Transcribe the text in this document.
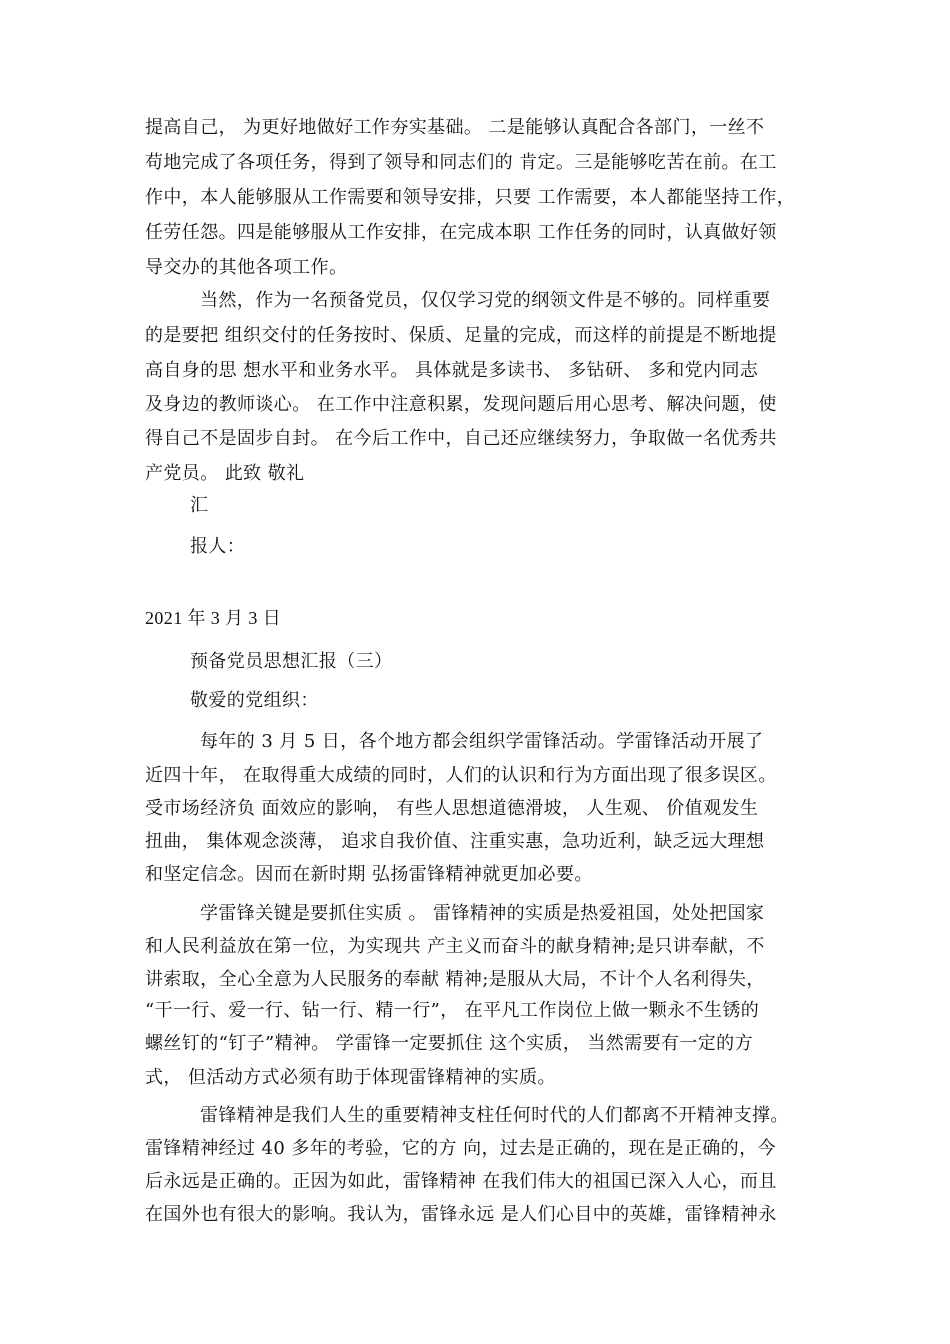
提高自己， 为更好地做好工作夯实基础。 二是能够认真配合各部门，一丝不
苟地完成了各项任务，得到了领导和同志们的 肯定。三是能够吃苦在前。在工
作中，本人能够服从工作需要和领导安排，只要 工作需要，本人都能坚持工作，
任劳任怨。四是能够服从工作安排，在完成本职 工作任务的同时，认真做好领
导交办的其他各项工作。
当然，作为一名预备党员，仅仅学习党的纲领文件是不够的。同样重要
的是要把 组织交付的任务按时、保质、足量的完成，而这样的前提是不断地提
高自身的思 想水平和业务水平。 具体就是多读书、 多钻研、 多和党内同志
及身边的教师谈心。 在工作中注意积累，发现问题后用心思考、解决问题，使
得自己不是固步自封。 在今后工作中，自己还应继续努力，争取做一名优秀共
产党员。 此致 敬礼
汇
报人：
2021 年 3 月 3 日
预备党员思想汇报（三）
敬爱的党组织：
每年的 3 月 5 日，各个地方都会组织学雷锋活动。学雷锋活动开展了
近四十年， 在取得重大成绩的同时，人们的认识和行为方面出现了很多误区。
受市场经济负 面效应的影响， 有些人思想道德滑坡， 人生观、 价值观发生
扭曲， 集体观念淡薄， 追求自我价值、注重实惠，急功近利，缺乏远大理想
和坚定信念。因而在新时期 弘扬雷锋精神就更加必要。
学雷锋关键是要抓住实质 。 雷锋精神的实质是热爱祖国，处处把国家
和人民利益放在第一位，为实现共 产主义而奋斗的献身精神;是只讲奉献，不
讲索取，全心全意为人民服务的奉献 精神;是服从大局，不计个人名利得失，
“干一行、爱一行、钻一行、精一行”， 在平凡工作岗位上做一颗永不生锈的
螺丝钉的“钉子”精神。 学雷锋一定要抓住 这个实质， 当然需要有一定的方
式， 但活动方式必须有助于体现雷锋精神的实质。
雷锋精神是我们人生的重要精神支柱任何时代的人们都离不开精神支撑。
雷锋精神经过 40 多年的考验，它的方 向，过去是正确的，现在是正确的，今
后永远是正确的。正因为如此，雷锋精神 在我们伟大的祖国已深入人心，而且
在国外也有很大的影响。我认为，雷锋永远 是人们心目中的英雄，雷锋精神永
